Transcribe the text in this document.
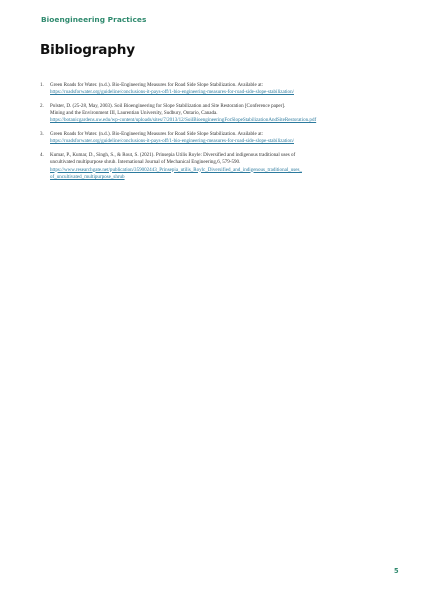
Bioengineering Practices
Bibliography
1.	Green Roads for Water. (n.d.). Bio-Engineering Measures for Road Side Slope Stabilization. Available at:
https://roadsforwater.org/guideline/conclusions-it-pays-off/1-bio-engineering-measures-for-road-side-slope-stabilization/
2.	Polster, D. (25-28, May, 2003). Soil Bioengineering for Slope Stabilization and Site Restoration [Conference paper].
Mining and the Environment III, Laurentian University, Sudbury, Ontario, Canada.
https://botanicgardens.uw.edu/wp-content/uploads/sites/7/2013/12/SoilBioengineeringForSlopeStabilizationAndSiteRestoration.pdf
3.	Green Roads for Water. (n.d.). Bio-Engineering Measures for Road Side Slope Stabilization. Available at:
https://roadsforwater.org/guideline/conclusions-it-pays-off/1-bio-engineering-measures-for-road-side-slope-stabilization/
4.	Kumar, P., Kumar, D., Singh, S., & Rout, S. (2021). Prinsepia Utilis Royle: Diversified and indigenous traditional uses of
uncultivated multipurpose shrub. International Journal of Mechanical Engineering,6, 579-590.
https://www.researchgate.net/publication/359002443_Prinsepia_utilis_Roylc_Diversified_and_indigenous_traditional_uses_
of_uncultivated_multipurpose_shrub
5
